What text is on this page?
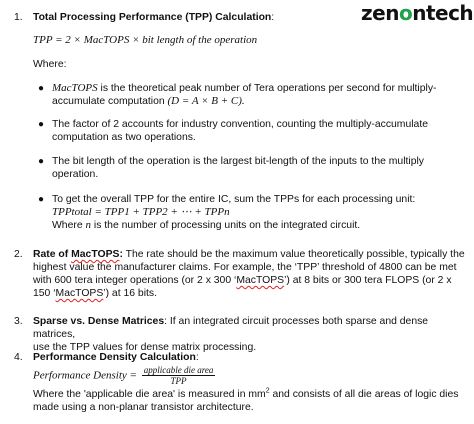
zenontech
1. Total Processing Performance (TPP) Calculation:
TPP = 2 × MacTOPS × bit length of the operation
Where:
● MacTOPS is the theoretical peak number of Tera operations per second for multiply-
accumulate computation (D = A × B + C).
● The factor of 2 accounts for industry convention, counting the multiply-accumulate
computation as two operations.
● The bit length of the operation is the largest bit-length of the inputs to the multiply
operation.
● To get the overall TPP for the entire IC, sum the TPPs for each processing unit:
TPPtotal = TPP1 + TPP2 + ⋯ + TPPn
Where n is the number of processing units on the integrated circuit.
2. Rate of MacTOPS: The rate should be the maximum value theoretically possible, typically the
highest value the manufacturer claims. For example, the ‘TPP’ threshold of 4800 can be met
with 600 tera integer operations (or 2 x 300 ‘MacTOPS’) at 8 bits or 300 tera FLOPS (or 2 x
150 ‘MacTOPS’) at 16 bits.
3. Sparse vs. Dense Matrices: If an integrated circuit processes both sparse and dense matrices,
use the TPP values for dense matrix processing.
4. Performance Density Calculation:
Performance Density = $\frac{\text{applicable die area}}{\text{TPP}}$
Where the 'applicable die area' is measured in $mm^2$ and consists of all die areas of logic dies
made using a non-planar transistor architecture.
